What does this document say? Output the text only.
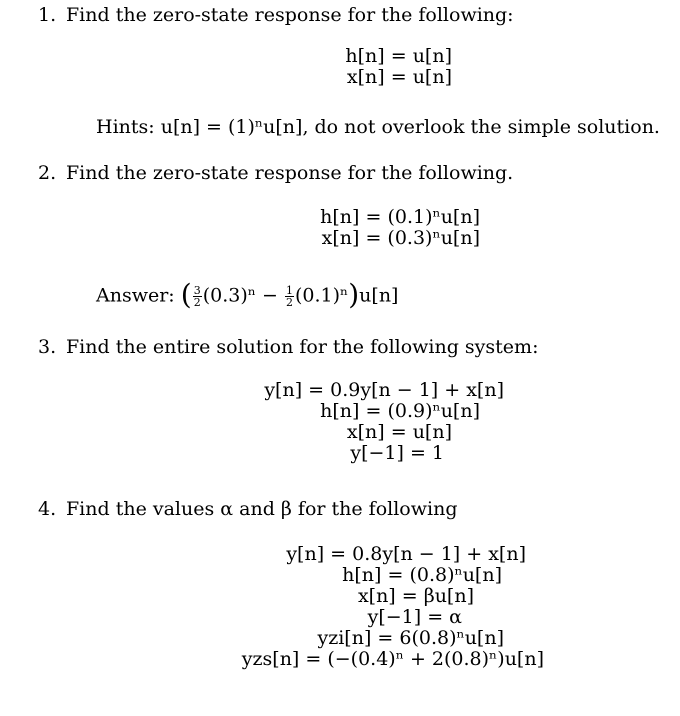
1. Find the zero-state response for the following:
h[n] = u[n]
x[n] = u[n]
Hints: u[n] = (1)ⁿu[n], do not overlook the simple solution.
2. Find the zero-state response for the following.
h[n] = (0.1)ⁿu[n]
x[n] = (0.3)ⁿu[n]
Answer: ( $\frac{3}{2} (0.3)^n - \frac{1}{2} (0.1)^n)u[n]$
3. Find the entire solution for the following system:
y[n] = 0.9y[n − 1] + x[n]
h[n] = (0.9)ⁿu[n]
x[n] = u[n]
y[−1] = 1
4. Find the values α and β for the following
y[n] = 0.8y[n − 1] + x[n]
h[n] = (0.8)ⁿu[n]
x[n] = βu[n]
y[−1] = α
yzi[n] = 6(0.8)ⁿu[n]
yzs[n] = (−(0.4)ⁿ + 2(0.8)ⁿ)u[n]
